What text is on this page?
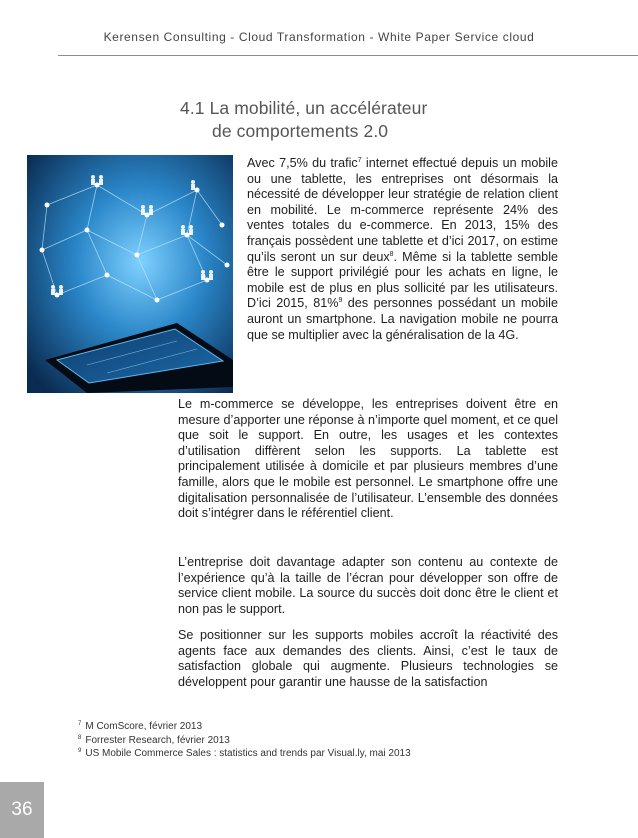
Kerensen Consulting - Cloud Transformation - White Paper Service cloud
4.1 La mobilité, un accélérateur
de comportements 2.0
Avec 7,5% du trafic$^7$ internet effectué depuis un mobile ou une tablette, les entreprises ont désormais la nécessité de développer leur stratégie de relation client en mobilité. Le m-commerce représente 24% des ventes totales du e-commerce. En 2013, 15% des français possèdent une tablette et d’ici 2017, on estime qu’ils seront un sur deux$^8$. Même si la tablette semble être le support privilégié pour les achats en ligne, le mobile est de plus en plus sollicité par les utilisateurs. D’ici 2015, 81%$^9$ des personnes possédant un mobile auront un smartphone. La navigation mobile ne pourra que se multiplier avec la généralisation de la 4G.
Le m-commerce se développe, les entreprises doivent être en mesure d’apporter une réponse à n’importe quel moment, et ce quel que soit le support. En outre, les usages et les contextes d’utilisation diffèrent selon les supports. La tablette est principalement utilisée à domicile et par plusieurs membres d’une famille, alors que le mobile est personnel. Le smartphone offre une digitalisation personnalisée de l’utilisateur. L’ensemble des données doit s’intégrer dans le référentiel client.
L’entreprise doit davantage adapter son contenu au contexte de l’expérience qu’à la taille de l’écran pour développer son offre de service client mobile. La source du succès doit donc être le client et non pas le support.
Se positionner sur les supports mobiles accroît la réactivité des agents face aux demandes des clients. Ainsi, c’est le taux de satisfaction globale qui augmente. Plusieurs technologies se développent pour garantir une hausse de la satisfaction
$^7$ M ComScore, février 2013
$^8$ Forrester Research, février 2013
$^9$ US Mobile Commerce Sales : statistics and trends par Visual.ly, mai 2013
36
